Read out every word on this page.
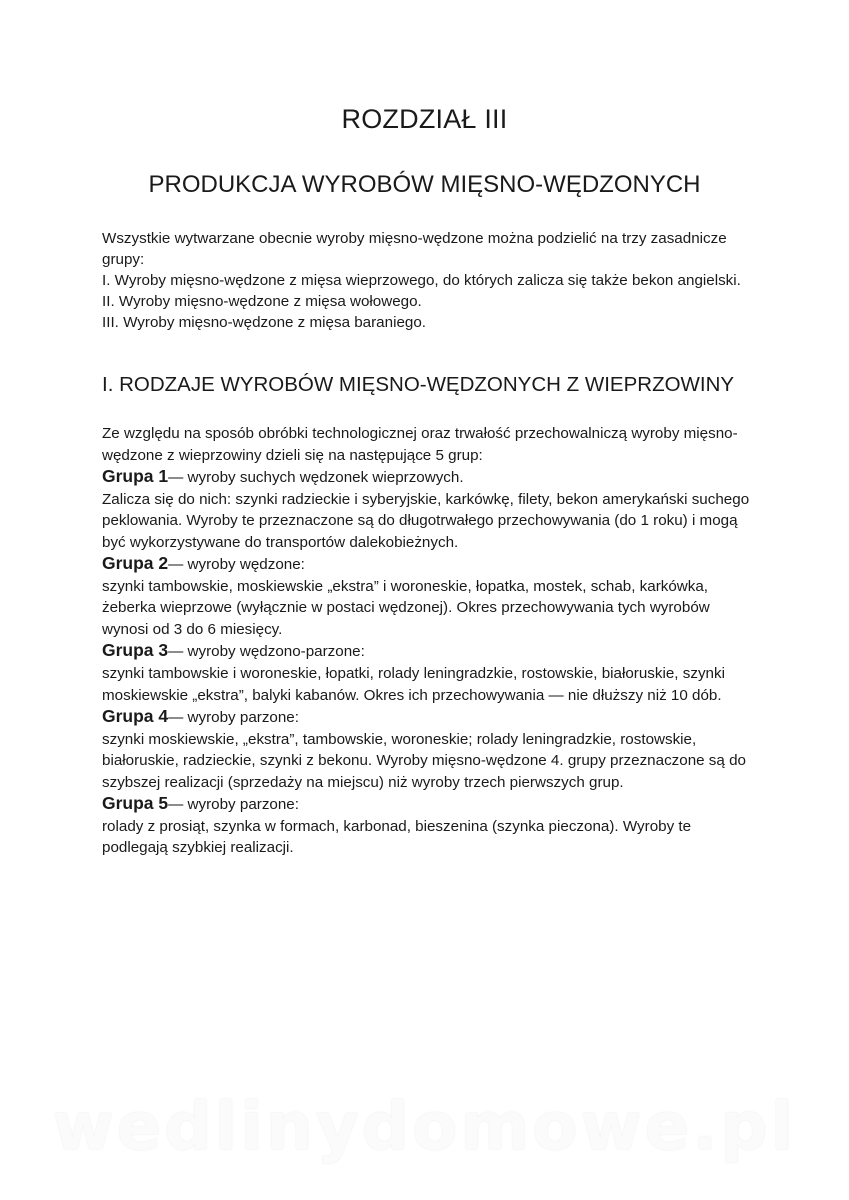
ROZDZIAŁ III
PRODUKCJA WYROBÓW MIĘSNO-WĘDZONYCH

Wszystkie wytwarzane obecnie wyroby mięsno-wędzone można podzielić na trzy zasadnicze grupy:

I. Wyroby mięsno-wędzone z mięsa wieprzowego, do których zalicza się także bekon angielski.

II. Wyroby mięsno-wędzone z mięsa wołowego.

III. Wyroby mięsno-wędzone z mięsa baraniego.

I. RODZAJE WYROBÓW MIĘSNO-WĘDZONYCH Z WIEPRZOWINY

Ze względu na sposób obróbki technologicznej oraz trwałość przechowalniczą wyroby mięsno-wędzone z wieprzowiny dzieli się na następujące 5 grup:

Grupa 1— wyroby suchych wędzonek wieprzowych.

Zalicza się do nich: szynki radzieckie i syberyjskie, karkówkę, filety, bekon amerykański suchego peklowania. Wyroby te przeznaczone są do długotrwałego przechowywania (do 1 roku) i mogą być wykorzystywane do transportów dalekobieżnych.

Grupa 2— wyroby wędzone:

szynki tambowskie, moskiewskie „ekstra” i woroneskie, łopatka, mostek, schab, karkówka, żeberka wieprzowe (wyłącznie w postaci wędzonej). Okres przechowywania tych wyrobów wynosi od 3 do 6 miesięcy.

Grupa 3— wyroby wędzono-parzone:

szynki tambowskie i woroneskie, łopatki, rolady leningradzkie, rostowskie, białoruskie, szynki moskiewskie „ekstra”, balyki kabanów. Okres ich przechowywania — nie dłuższy niż 10 dób.

Grupa 4— wyroby parzone:

szynki moskiewskie, „ekstra”, tambowskie, woroneskie; rolady leningradzkie, rostowskie, białoruskie, radzieckie, szynki z bekonu. Wyroby mięsno-wędzone 4. grupy przeznaczone są do szybszej realizacji (sprzedaży na miejscu) niż wyroby trzech pierwszych grup.

Grupa 5— wyroby parzone:

rolady z prosiąt, szynka w formach, karbonad, bieszenina (szynka pieczona). Wyroby te podlegają szybkiej realizacji.

wedlinydomowe.pl
